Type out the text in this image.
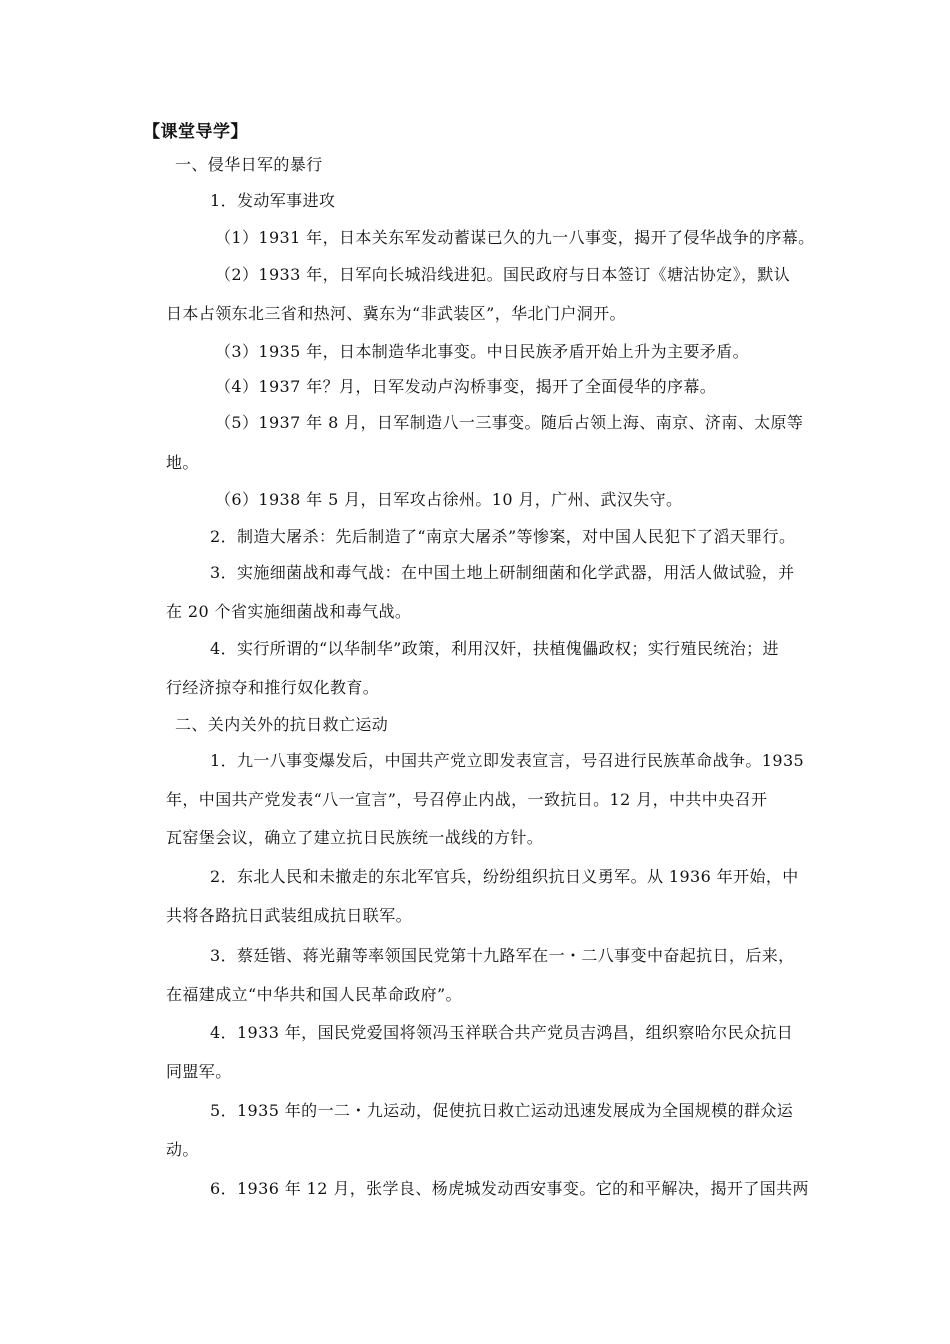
【课堂导学】
一、侵华日军的暴行
1．发动军事进攻
（1）1931 年，日本关东军发动蓄谋已久的九一八事变，揭开了侵华战争的序幕。
（2）1933 年，日军向长城沿线进犯。国民政府与日本签订《塘沽协定》，默认
日本占领东北三省和热河、冀东为“非武装区”，华北门户洞开。
（3）1935 年，日本制造华北事变。中日民族矛盾开始上升为主要矛盾。
（4）1937 年？月，日军发动卢沟桥事变，揭开了全面侵华的序幕。
（5）1937 年 8 月，日军制造八一三事变。随后占领上海、南京、济南、太原等
地。
（6）1938 年 5 月，日军攻占徐州。10 月，广州、武汉失守。
2．制造大屠杀：先后制造了“南京大屠杀”等惨案，对中国人民犯下了滔天罪行。
3．实施细菌战和毒气战：在中国土地上研制细菌和化学武器，用活人做试验，并
在 20 个省实施细菌战和毒气战。
4．实行所谓的“以华制华”政策，利用汉奸，扶植傀儡政权；实行殖民统治；进
行经济掠夺和推行奴化教育。
二、关内关外的抗日救亡运动
1．九一八事变爆发后，中国共产党立即发表宣言，号召进行民族革命战争。1935
年，中国共产党发表“八一宣言”，号召停止内战，一致抗日。12 月，中共中央召开
瓦窑堡会议，确立了建立抗日民族统一战线的方针。
2．东北人民和未撤走的东北军官兵，纷纷组织抗日义勇军。从 1936 年开始，中
共将各路抗日武装组成抗日联军。
3．蔡廷锴、蒋光鼐等率领国民党第十九路军在一・二八事变中奋起抗日，后来，
在福建成立“中华共和国人民革命政府”。
4．1933 年，国民党爱国将领冯玉祥联合共产党员吉鸿昌，组织察哈尔民众抗日
同盟军。
5．1935 年的一二・九运动，促使抗日救亡运动迅速发展成为全国规模的群众运
动。
6．1936 年 12 月，张学良、杨虎城发动西安事变。它的和平解决，揭开了国共两
